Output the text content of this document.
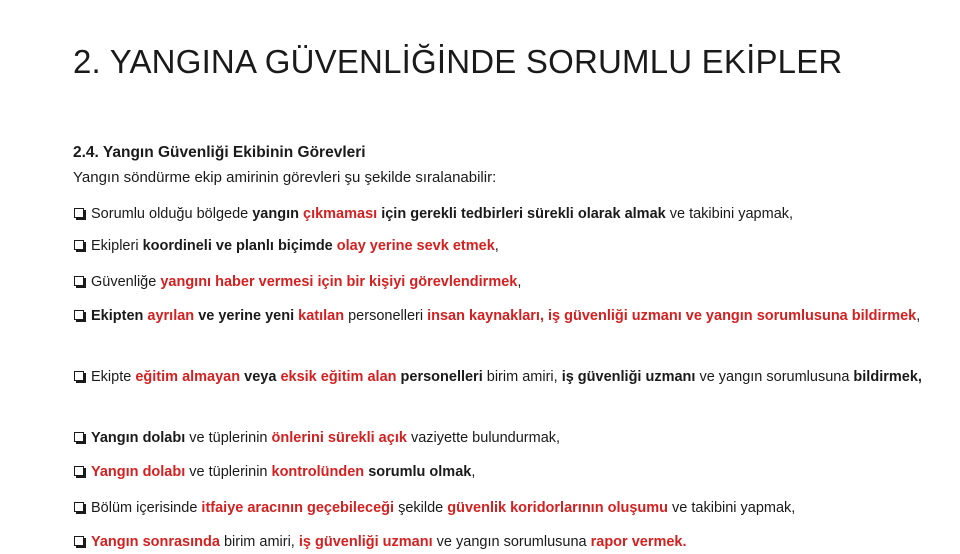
2. YANGINA GÜVENLİĞİNDE SORUMLU EKİPLER
2.4. Yangın Güvenliği Ekibinin Görevleri

Yangın söndürme ekip amirinin görevleri şu şekilde sıralanabilir:

Sorumlu olduğu bölgede yangın çıkmaması için gerekli tedbirleri sürekli olarak almak ve takibini yapmak,
Ekipleri koordineli ve planlı biçimde olay yerine sevk etmek,
Güvenliğe yangını haber vermesi için bir kişiyi görevlendirmek,
Ekipten ayrılan ve yerine yeni katılan personelleri insan kaynakları, iş güvenliği uzmanı ve yangın sorumlusuna bildirmek,
Ekipte eğitim almayan veya eksik eğitim alan personelleri birim amiri, iş güvenliği uzmanı ve yangın sorumlusuna bildirmek,
Yangın dolabı ve tüplerinin önlerini sürekli açık vaziyette bulundurmak,
Yangın dolabı ve tüplerinin kontrolünden sorumlu olmak,
Bölüm içerisinde itfaiye aracının geçebileceği şekilde güvenlik koridorlarının oluşumu ve takibini yapmak,
Yangın sonrasında birim amiri, iş güvenliği uzmanı ve yangın sorumlusuna rapor vermek.
